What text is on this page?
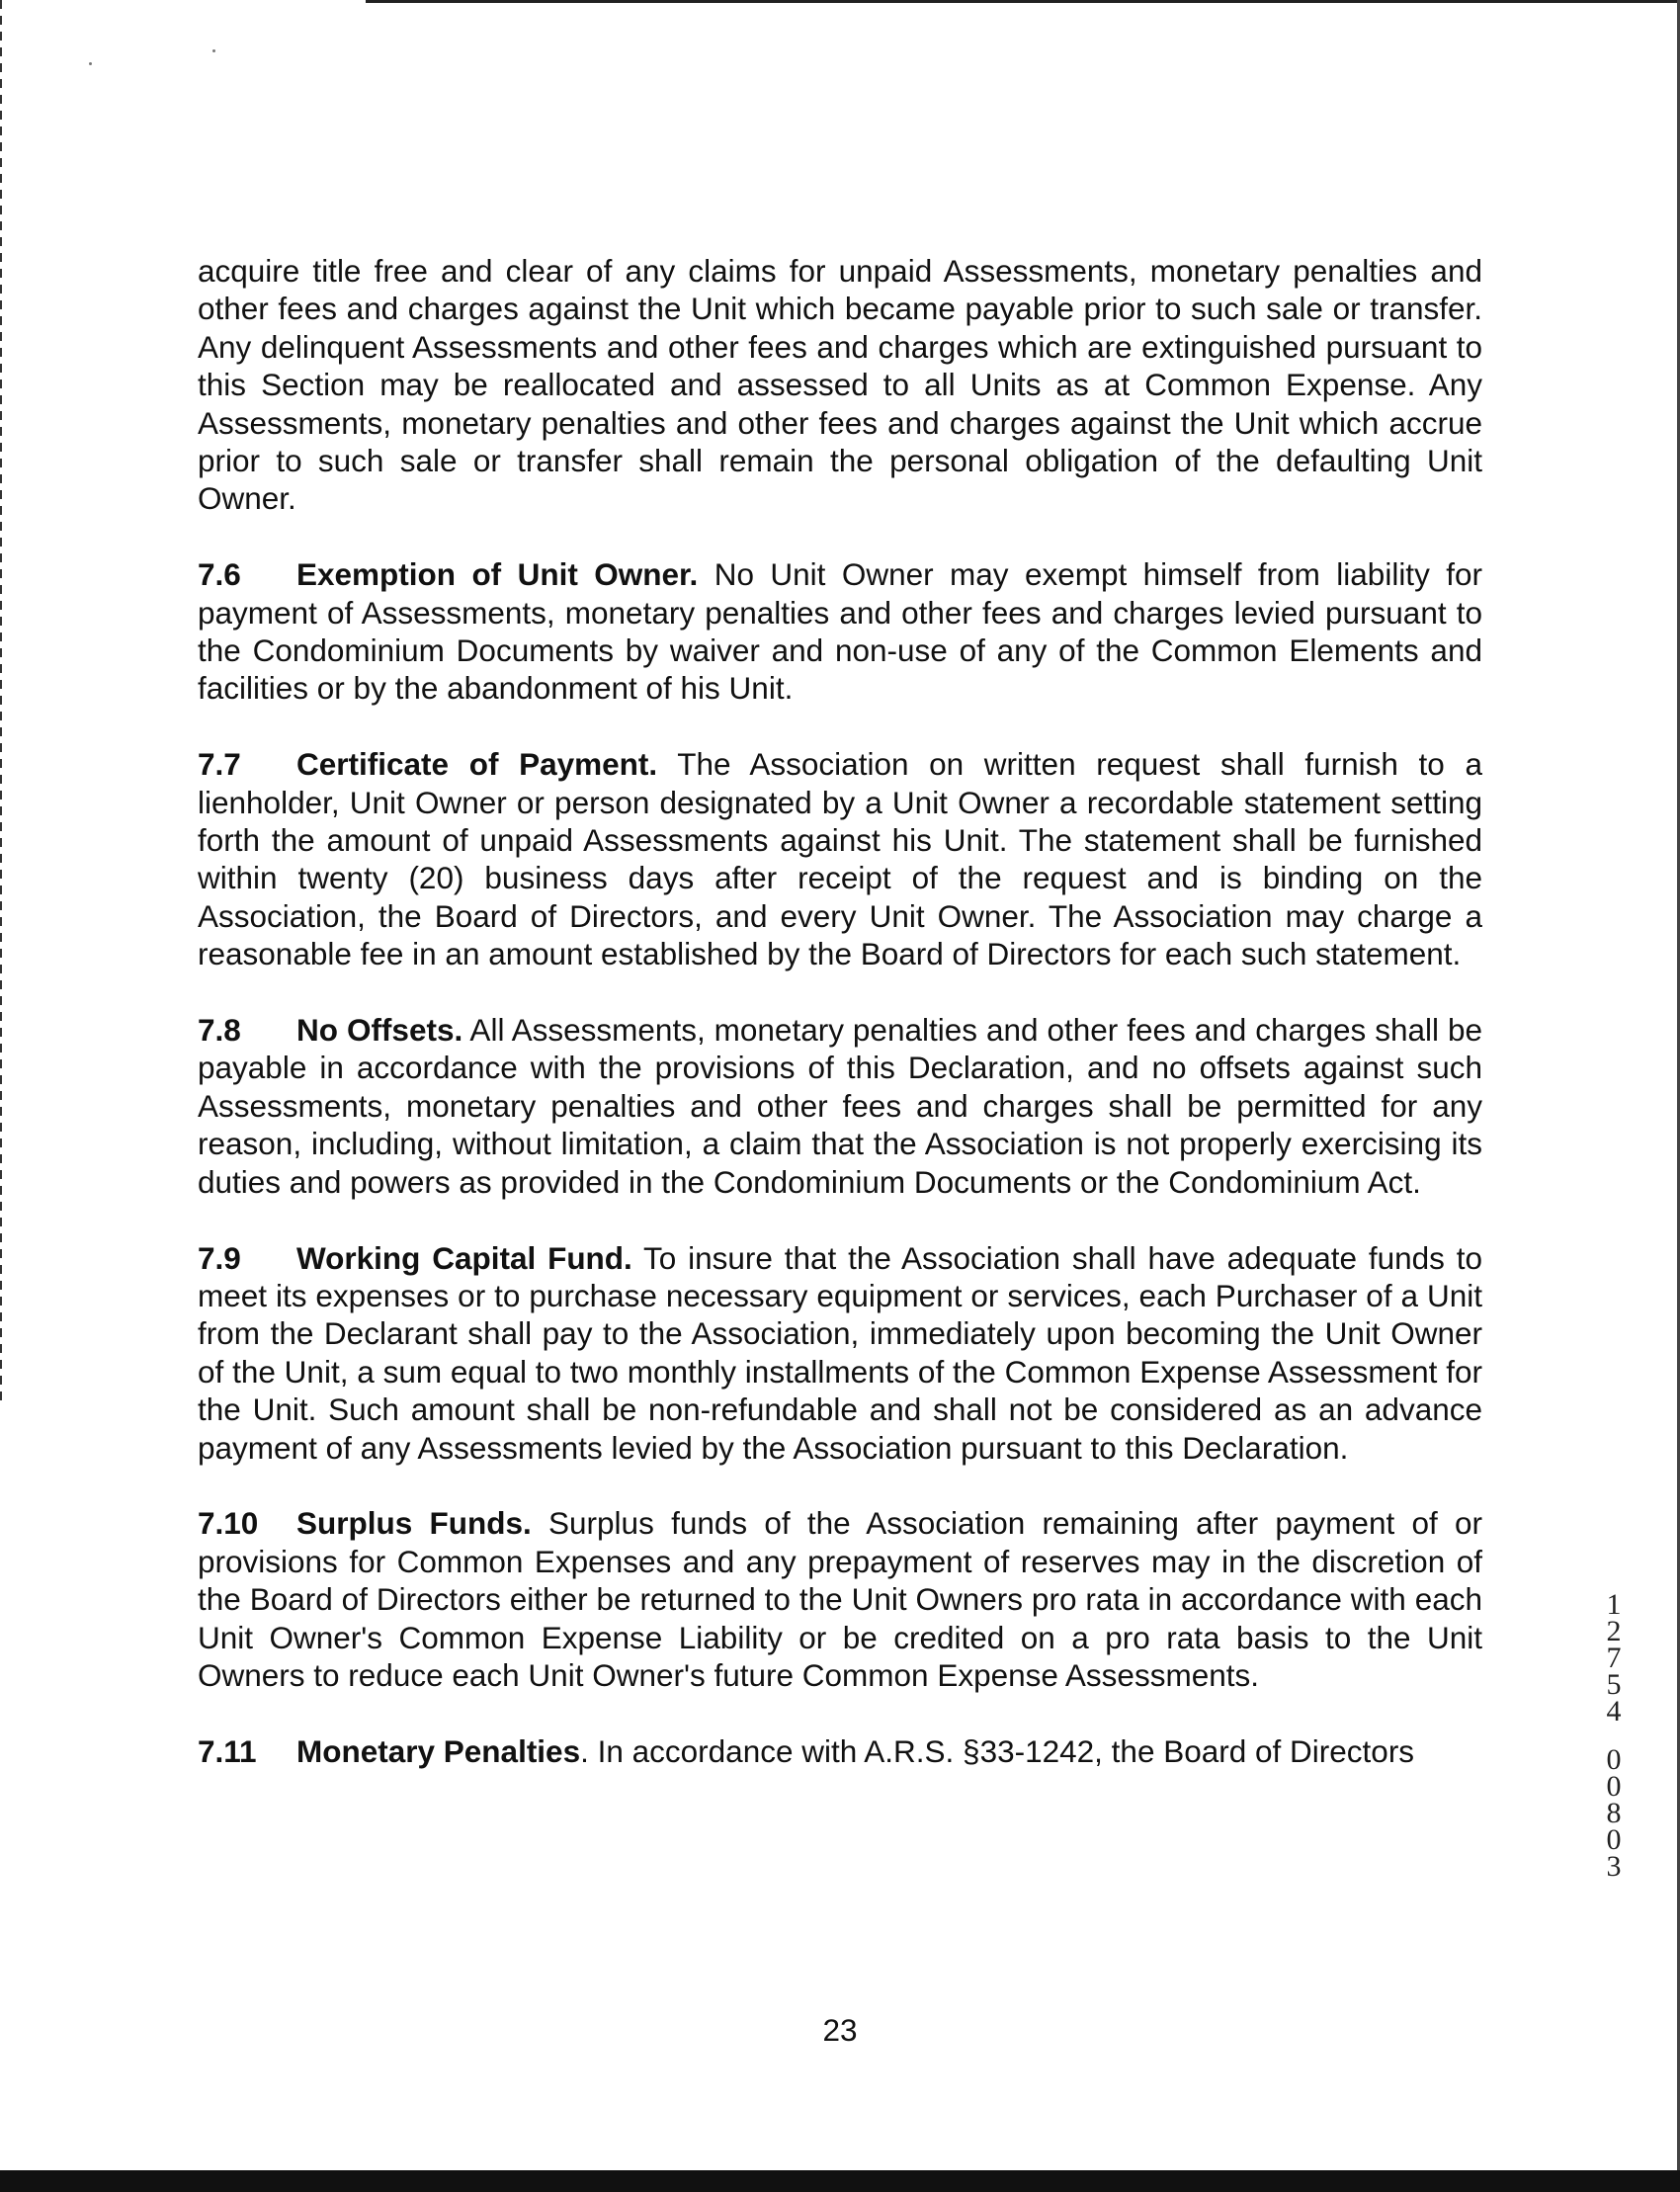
acquire title free and clear of any claims for unpaid Assessments, monetary penalties and other fees and charges against the Unit which became payable prior to such sale or transfer. Any delinquent Assessments and other fees and charges which are extinguished pursuant to this Section may be reallocated and assessed to all Units as at Common Expense. Any Assessments, monetary penalties and other fees and charges against the Unit which accrue prior to such sale or transfer shall remain the personal obligation of the defaulting Unit Owner.

7.6 Exemption of Unit Owner. No Unit Owner may exempt himself from liability for payment of Assessments, monetary penalties and other fees and charges levied pursuant to the Condominium Documents by waiver and non-use of any of the Common Elements and facilities or by the abandonment of his Unit.

7.7 Certificate of Payment. The Association on written request shall furnish to a lienholder, Unit Owner or person designated by a Unit Owner a recordable statement setting forth the amount of unpaid Assessments against his Unit. The statement shall be furnished within twenty (20) business days after receipt of the request and is binding on the Association, the Board of Directors, and every Unit Owner. The Association may charge a reasonable fee in an amount established by the Board of Directors for each such statement.

7.8 No Offsets. All Assessments, monetary penalties and other fees and charges shall be payable in accordance with the provisions of this Declaration, and no offsets against such Assessments, monetary penalties and other fees and charges shall be permitted for any reason, including, without limitation, a claim that the Association is not properly exercising its duties and powers as provided in the Condominium Documents or the Condominium Act.

7.9 Working Capital Fund. To insure that the Association shall have adequate funds to meet its expenses or to purchase necessary equipment or services, each Purchaser of a Unit from the Declarant shall pay to the Association, immediately upon becoming the Unit Owner of the Unit, a sum equal to two monthly installments of the Common Expense Assessment for the Unit. Such amount shall be non-refundable and shall not be considered as an advance payment of any Assessments levied by the Association pursuant to this Declaration.

7.10 Surplus Funds. Surplus funds of the Association remaining after payment of or provisions for Common Expenses and any prepayment of reserves may in the discretion of the Board of Directors either be returned to the Unit Owners pro rata in accordance with each Unit Owner's Common Expense Liability or be credited on a pro rata basis to the Unit Owners to reduce each Unit Owner's future Common Expense Assessments.

7.11 Monetary Penalties. In accordance with A.R.S. §33-1242, the Board of Directors

1
2
7
5
4
0
0
8
0
3
23
